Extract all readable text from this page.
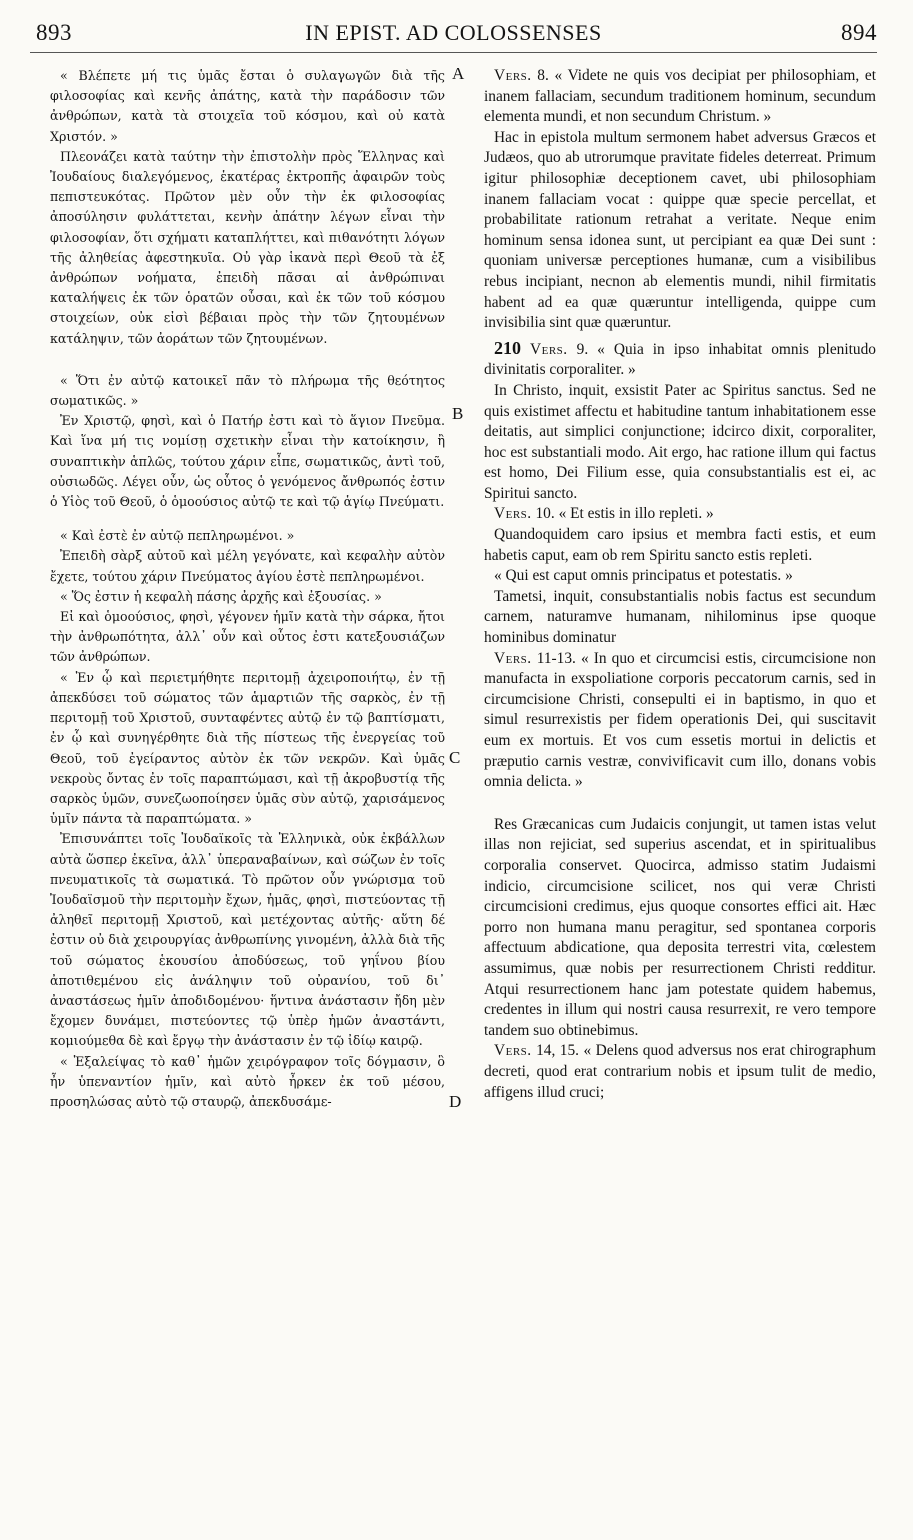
893	IN EPIST. AD COLOSSENSES	894
A
B
C
D

« Βλέπετε μή τις ὑμᾶς ἔσται ὁ συλαγωγῶν διὰ τῆς φιλοσοφίας καὶ κενῆς ἀπάτης, κατὰ τὴν παράδοσιν τῶν ἀνθρώπων, κατὰ τὰ στοιχεῖα τοῦ κόσμου, καὶ οὐ κατὰ Χριστόν. »

Πλεονάζει κατὰ ταύτην τὴν ἐπιστολὴν πρὸς Ἕλληνας καὶ Ἰουδαίους διαλεγόμενος, ἑκατέρας ἐκτροπῆς ἀφαιρῶν τοὺς πεπιστευκότας. Πρῶτον μὲν οὖν τὴν ἐκ φιλοσοφίας ἀποσύλησιν φυλάττεται, κενὴν ἀπάτην λέγων εἶναι τὴν φιλοσοφίαν, ὅτι σχήματι καταπλήττει, καὶ πιθανότητι λόγων τῆς ἀληθείας ἀφεστηκυῖα. Οὐ γὰρ ἱκανὰ περὶ Θεοῦ τὰ ἐξ ἀνθρώπων νοήματα, ἐπειδὴ πᾶσαι αἱ ἀνθρώπιναι καταλήψεις ἐκ τῶν ὁρατῶν οὖσαι, καὶ ἐκ τῶν τοῦ κόσμου στοιχείων, οὐκ εἰσὶ βέβαιαι πρὸς τὴν τῶν ζητουμένων κατάληψιν, τῶν ἀοράτων τῶν ζητουμένων.

« Ὅτι ἐν αὐτῷ κατοικεῖ πᾶν τὸ πλήρωμα τῆς θεότητος σωματικῶς. »

Ἐν Χριστῷ, φησὶ, καὶ ὁ Πατήρ ἐστι καὶ τὸ ἅγιον Πνεῦμα. Καὶ ἵνα μή τις νομίσῃ σχετικὴν εἶναι τὴν κατοίκησιν, ἢ συναπτικὴν ἁπλῶς, τούτου χάριν εἶπε, σωματικῶς, ἀντὶ τοῦ, οὐσιωδῶς. Λέγει οὖν, ὡς οὗτος ὁ γενόμενος ἄνθρωπός ἐστιν ὁ Υἱὸς τοῦ Θεοῦ, ὁ ὁμοούσιος αὐτῷ τε καὶ τῷ ἁγίῳ Πνεύματι.

« Καὶ ἐστὲ ἐν αὐτῷ πεπληρωμένοι. »

Ἐπειδὴ σὰρξ αὐτοῦ καὶ μέλη γεγόνατε, καὶ κεφαλὴν αὐτὸν ἔχετε, τούτου χάριν Πνεύματος ἁγίου ἐστὲ πεπληρωμένοι.

« Ὅς ἐστιν ἡ κεφαλὴ πάσης ἀρχῆς καὶ ἐξουσίας. »

Εἰ καὶ ὁμοούσιος, φησὶ, γέγονεν ἡμῖν κατὰ τὴν σάρκα, ἤτοι τὴν ἀνθρωπότητα, ἀλλ᾽ οὖν καὶ οὗτος ἐστι κατεξουσιάζων τῶν ἀνθρώπων.

« Ἐν ᾧ καὶ περιετμήθητε περιτομῇ ἀχειροποιήτῳ, ἐν τῇ ἀπεκδύσει τοῦ σώματος τῶν ἁμαρτιῶν τῆς σαρκὸς, ἐν τῇ περιτομῇ τοῦ Χριστοῦ, συνταφέντες αὐτῷ ἐν τῷ βαπτίσματι, ἐν ᾧ καὶ συνηγέρθητε διὰ τῆς πίστεως τῆς ἐνεργείας τοῦ Θεοῦ, τοῦ ἐγείραντος αὐτὸν ἐκ τῶν νεκρῶν. Καὶ ὑμᾶς νεκροὺς ὄντας ἐν τοῖς παραπτώμασι, καὶ τῇ ἀκροβυστίᾳ τῆς σαρκὸς ὑμῶν, συνεζωοποίησεν ὑμᾶς σὺν αὐτῷ, χαρισάμενος ὑμῖν πάντα τὰ παραπτώματα. »

Ἐπισυνάπτει τοῖς Ἰουδαϊκοῖς τὰ Ἑλληνικὰ, οὐκ ἐκβάλλων αὐτὰ ὥσπερ ἐκεῖνα, ἀλλ᾽ ὑπεραναβαίνων, καὶ σώζων ἐν τοῖς πνευματικοῖς τὰ σωματικά. Τὸ πρῶτον οὖν γνώρισμα τοῦ Ἰουδαϊσμοῦ τὴν περιτομὴν ἔχων, ἡμᾶς, φησὶ, πιστεύοντας τῇ ἀληθεῖ περιτομῇ Χριστοῦ, καὶ μετέχοντας αὐτῆς· αὕτη δέ ἐστιν οὐ διὰ χειρουργίας ἀνθρωπίνης γινομένη, ἀλλὰ διὰ τῆς τοῦ σώματος ἑκουσίου ἀποδύσεως, τοῦ γηΐνου βίου ἀποτιθεμένου εἰς ἀνάληψιν τοῦ οὐρανίου, τοῦ δι᾽ ἀναστάσεως ἡμῖν ἀποδιδομένου· ἥντινα ἀνάστασιν ἤδη μὲν ἔχομεν δυνάμει, πιστεύοντες τῷ ὑπὲρ ἡμῶν ἀναστάντι, κομιούμεθα δὲ καὶ ἔργῳ τὴν ἀνάστασιν ἐν τῷ ἰδίῳ καιρῷ.

« Ἐξαλείψας τὸ καθ᾽ ἡμῶν χειρόγραφον τοῖς δόγμασιν, ὃ ἦν ὑπεναντίον ἡμῖν, καὶ αὐτὸ ἦρκεν ἐκ τοῦ μέσου, προσηλώσας αὐτὸ τῷ σταυρῷ, ἀπεκδυσάμε-

Vers. 8. « Videte ne quis vos decipiat per philosophiam, et inanem fallaciam, secundum traditionem hominum, secundum elementa mundi, et non secundum Christum. »

Hac in epistola multum sermonem habet adversus Græcos et Judæos, quo ab utrorumque pravitate fideles deterreat. Primum igitur philosophiæ deceptionem cavet, ubi philosophiam inanem fallaciam vocat : quippe quæ specie percellat, et probabilitate rationum retrahat a veritate. Neque enim hominum sensa idonea sunt, ut percipiant ea quæ Dei sunt : quoniam universæ perceptiones humanæ, cum a visibilibus rebus incipiant, necnon ab elementis mundi, nihil firmitatis habent ad ea quæ quæruntur intelligenda, quippe cum invisibilia sint quæ quæruntur.

210 Vers. 9. « Quia in ipso inhabitat omnis plenitudo divinitatis corporaliter. »

In Christo, inquit, exsistit Pater ac Spiritus sanctus. Sed ne quis existimet affectu et habitudine tantum inhabitationem esse deitatis, aut simplici conjunctione; idcirco dixit, corporaliter, hoc est substantiali modo. Ait ergo, hac ratione illum qui factus est homo, Dei Filium esse, quia consubstantialis est ei, ac Spiritui sancto.

Vers. 10. « Et estis in illo repleti. »

Quandoquidem caro ipsius et membra facti estis, et eum habetis caput, eam ob rem Spiritu sancto estis repleti.

« Qui est caput omnis principatus et potestatis. »

Tametsi, inquit, consubstantialis nobis factus est secundum carnem, naturamve humanam, nihilominus ipse quoque hominibus dominatur

Vers. 11-13. « In quo et circumcisi estis, circumcisione non manufacta in exspoliatione corporis peccatorum carnis, sed in circumcisione Christi, consepulti ei in baptismo, in quo et simul resurrexistis per fidem operationis Dei, qui suscitavit eum ex mortuis. Et vos cum essetis mortui in delictis et præputio carnis vestræ, convivificavit cum illo, donans vobis omnia delicta. »

Res Græcanicas cum Judaicis conjungit, ut tamen istas velut illas non rejiciat, sed superius ascendat, et in spiritualibus corporalia conservet. Quocirca, admisso statim Judaismi indicio, circumcisione scilicet, nos qui veræ Christi circumcisioni credimus, ejus quoque consortes effici ait. Hæc porro non humana manu peragitur, sed spontanea corporis affectuum abdicatione, qua deposita terrestri vita, cœlestem assumimus, quæ nobis per resurrectionem Christi redditur. Atqui resurrectionem hanc jam potestate quidem habemus, credentes in illum qui nostri causa resurrexit, re vero tempore tandem suo obtinebimus.

Vers. 14, 15. « Delens quod adversus nos erat chirographum decreti, quod erat contrarium nobis et ipsum tulit de medio, affigens illud cruci;
